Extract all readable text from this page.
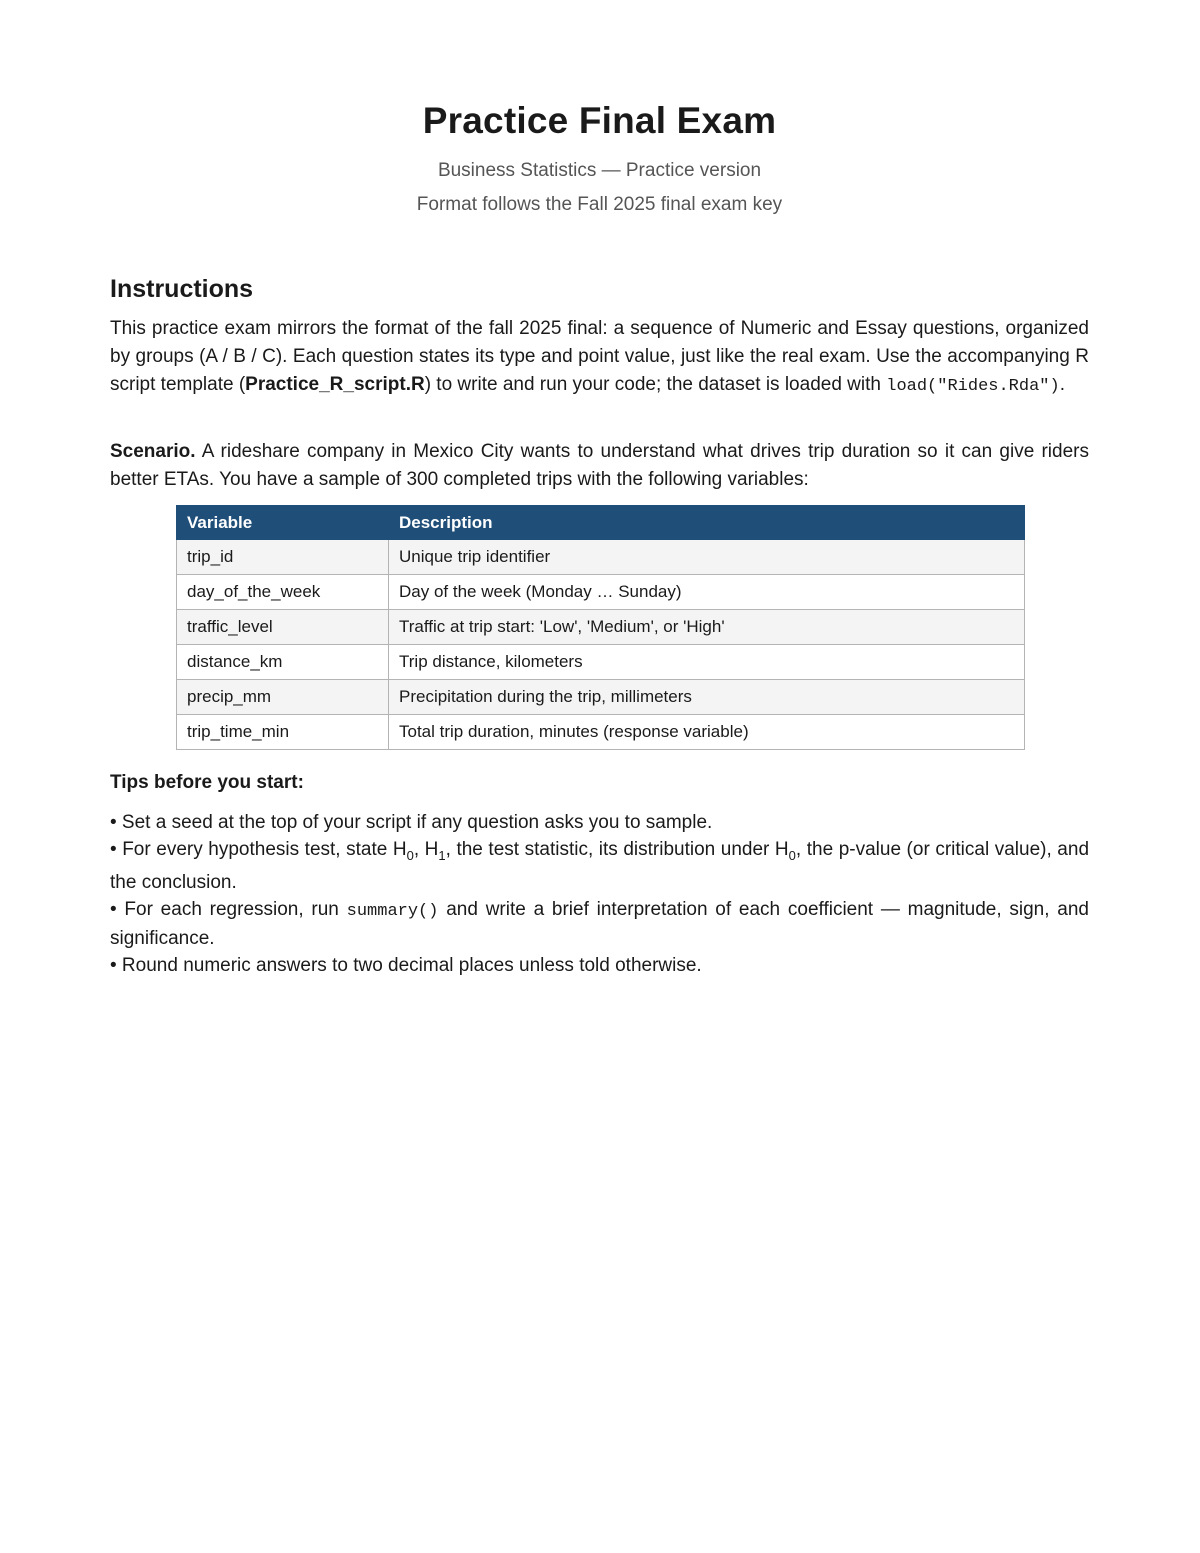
Practice Final Exam
Business Statistics — Practice version
Format follows the Fall 2025 final exam key
Instructions
This practice exam mirrors the format of the fall 2025 final: a sequence of Numeric and Essay questions, organized by groups (A / B / C). Each question states its type and point value, just like the real exam. Use the accompanying R script template (Practice_R_script.R) to write and run your code; the dataset is loaded with load("Rides.Rda").
Scenario. A rideshare company in Mexico City wants to understand what drives trip duration so it can give riders better ETAs. You have a sample of 300 completed trips with the following variables:
Variable	Description
trip_id	Unique trip identifier
day_of_the_week	Day of the week (Monday … Sunday)
traffic_level	Traffic at trip start: 'Low', 'Medium', or 'High'
distance_km	Trip distance, kilometers
precip_mm	Precipitation during the trip, millimeters
trip_time_min	Total trip duration, minutes (response variable)
Tips before you start:
• Set a seed at the top of your script if any question asks you to sample.
• For every hypothesis test, state $H_0$, $H_1$, the test statistic, its distribution under $H_0$, the p-value (or critical value), and the conclusion.
• For each regression, run summary() and write a brief interpretation of each coefficient — magnitude, sign, and significance.
• Round numeric answers to two decimal places unless told otherwise.
